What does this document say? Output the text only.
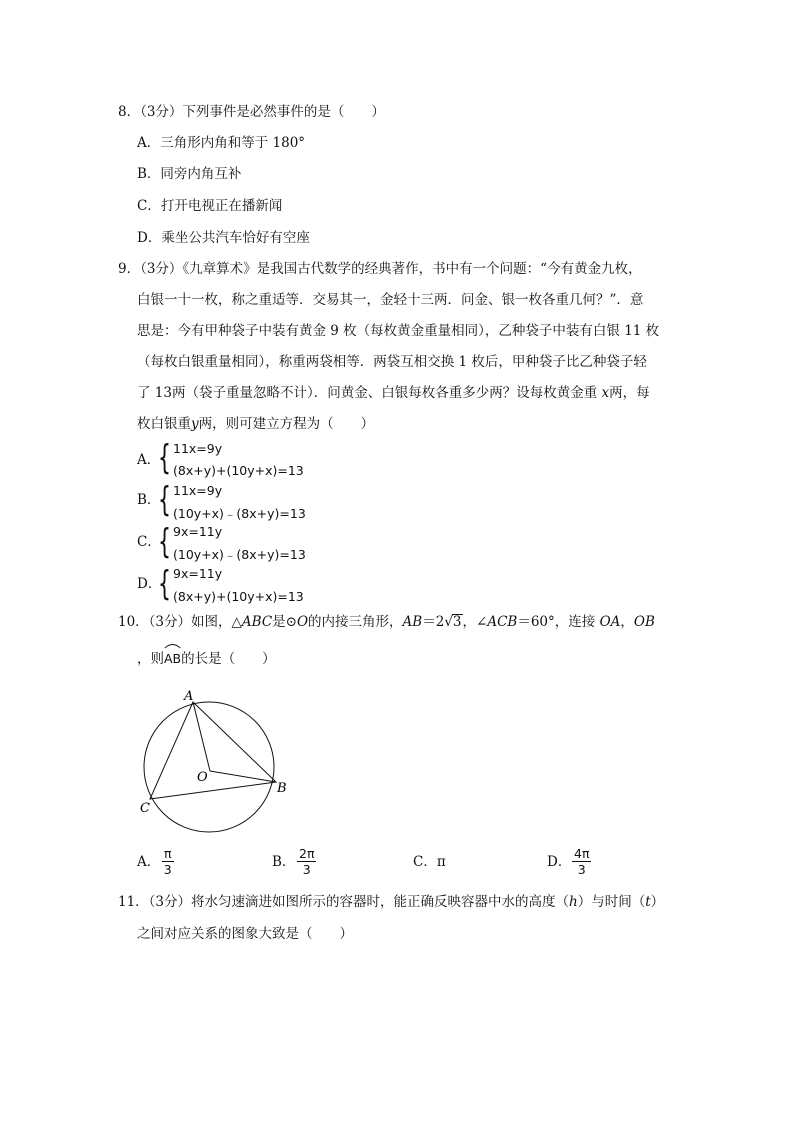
8．（3分）下列事件是必然事件的是（　　）
A．三角形内角和等于 180°
B．同旁内角互补
C．打开电视正在播新闻
D．乘坐公共汽车恰好有空座
9．（3分）《九章算术》是我国古代数学的经典著作，书中有一个问题：“今有黄金九枚，
白银一十一枚，称之重适等．交易其一，金轻十三两．问金、银一枚各重几何？”．意
思是：今有甲种袋子中装有黄金 9 枚（每枚黄金重量相同），乙种袋子中装有白银 11 枚
（每枚白银重量相同），称重两袋相等．两袋互相交换 1 枚后，甲种袋子比乙种袋子轻
了 13两（袋子重量忽略不计）．问黄金、白银每枚各重多少两？设每枚黄金重 x两，每
枚白银重y两，则可建立方程为（　　）
A．
{ 11x=9y
(8x+y)+(10y+x)=13
B．
{ 11x=9y
(10y+x)﹣(8x+y)=13
C．
{ 9x=11y
(10y+x)﹣(8x+y)=13
D．
{ 9x=11y
(8x+y)+(10y+x)=13
10．（3分）如图，△ABC是⊙O的内接三角形，AB＝2√3，∠ACB＝60°，连接 OA，OB
，则
AB的长是（　　）
A
O
B
C
A． $\frac{\pi}{3}$	B． $\frac{2\pi}{3}$	C．π	D． $\frac{4\pi}{3}$
11．（3分）将水匀速滴进如图所示的容器时，能正确反映容器中水的高度（h）与时间（t）
之间对应关系的图象大致是（　　）
